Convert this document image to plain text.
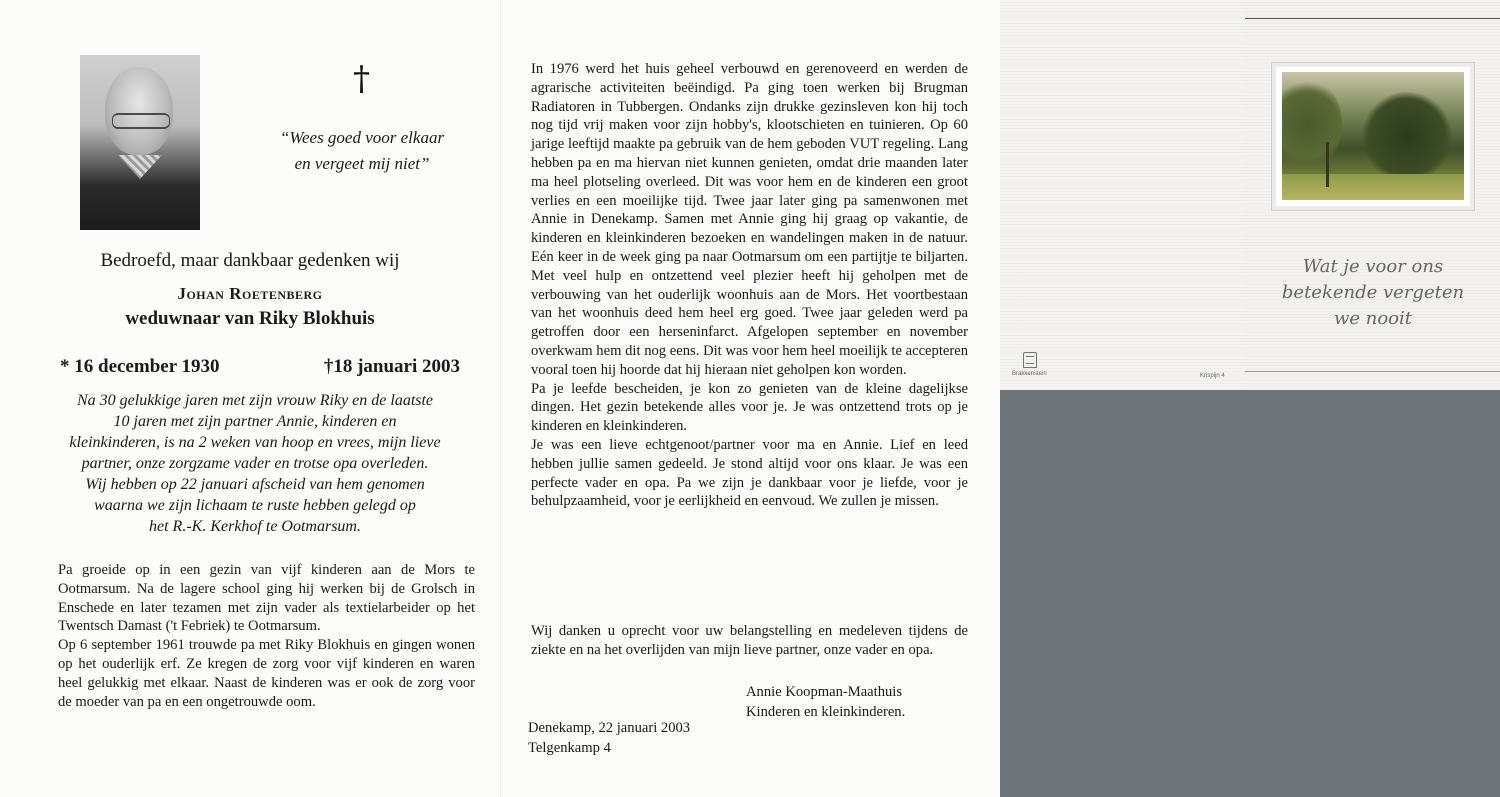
†
“Wees goed voor elkaar
en vergeet mij niet”
Bedroefd, maar dankbaar gedenken wij
Johan Roetenberg
weduwnaar van Riky Blokhuis
* 16 december 1930	†18 januari 2003
Na 30 gelukkige jaren met zijn vrouw Riky en de laatste
10 jaren met zijn partner Annie, kinderen en
kleinkinderen, is na 2 weken van hoop en vrees, mijn lieve
partner, onze zorgzame vader en trotse opa overleden.
Wij hebben op 22 januari afscheid van hem genomen
waarna we zijn lichaam te ruste hebben gelegd op
het R.-K. Kerkhof te Ootmarsum.

Pa groeide op in een gezin van vijf kinderen aan de Mors te Ootmarsum. Na de lagere school ging hij werken bij de Grolsch in Enschede en later tezamen met zijn vader als textielarbeider op het Twentsch Damast ('t Febriek) te Ootmarsum.

Op 6 september 1961 trouwde pa met Riky Blokhuis en gingen wonen op het ouderlijk erf. Ze kregen de zorg voor vijf kinderen en waren heel gelukkig met elkaar. Naast de kinderen was er ook de zorg voor de moeder van pa en een ongetrouwde oom.

In 1976 werd het huis geheel verbouwd en gerenoveerd en werden de agrarische activiteiten beëindigd. Pa ging toen werken bij Brugman Radiatoren in Tubbergen. Ondanks zijn drukke gezinsleven kon hij toch nog tijd vrij maken voor zijn hobby's, klootschieten en tuinieren. Op 60 jarige leeftijd maakte pa gebruik van de hem geboden VUT regeling. Lang hebben pa en ma hiervan niet kunnen genieten, omdat drie maanden later ma heel plotseling overleed. Dit was voor hem en de kinderen een groot verlies en een moeilijke tijd. Twee jaar later ging pa samenwonen met Annie in Denekamp. Samen met Annie ging hij graag op vakantie, de kinderen en kleinkinderen bezoeken en wandelingen maken in de natuur. Eén keer in de week ging pa naar Ootmarsum om een partijtje te biljarten. Met veel hulp en ontzettend veel plezier heeft hij geholpen met de verbouwing van het ouderlijk woonhuis aan de Mors. Het voortbestaan van het woonhuis deed hem heel erg goed. Twee jaar geleden werd pa getroffen door een herseninfarct. Afgelopen september en november overkwam hem dit nog eens. Dit was voor hem heel moeilijk te accepteren vooral toen hij hoorde dat hij hieraan niet geholpen kon worden.

Pa je leefde bescheiden, je kon zo genieten van de kleine dagelijkse dingen. Het gezin betekende alles voor je. Je was ontzettend trots op je kinderen en kleinkinderen.

Je was een lieve echtgenoot/partner voor ma en Annie. Lief en leed hebben jullie samen gedeeld. Je stond altijd voor ons klaar. Je was een perfecte vader en opa. Pa we zijn je dankbaar voor je liefde, voor je behulpzaamheid, voor je eerlijkheid en eenvoud. We zullen je missen.

Wij danken u oprecht voor uw belangstelling en medeleven tijdens de ziekte en na het overlijden van mijn lieve partner, onze vader en opa.
Annie Koopman-Maathuis
Kinderen en kleinkinderen.
Denekamp, 22 januari 2003
Telgenkamp 4
Wat je voor ons
betekende vergeten
we nooit
Brakkenstein	Krispijn 4
